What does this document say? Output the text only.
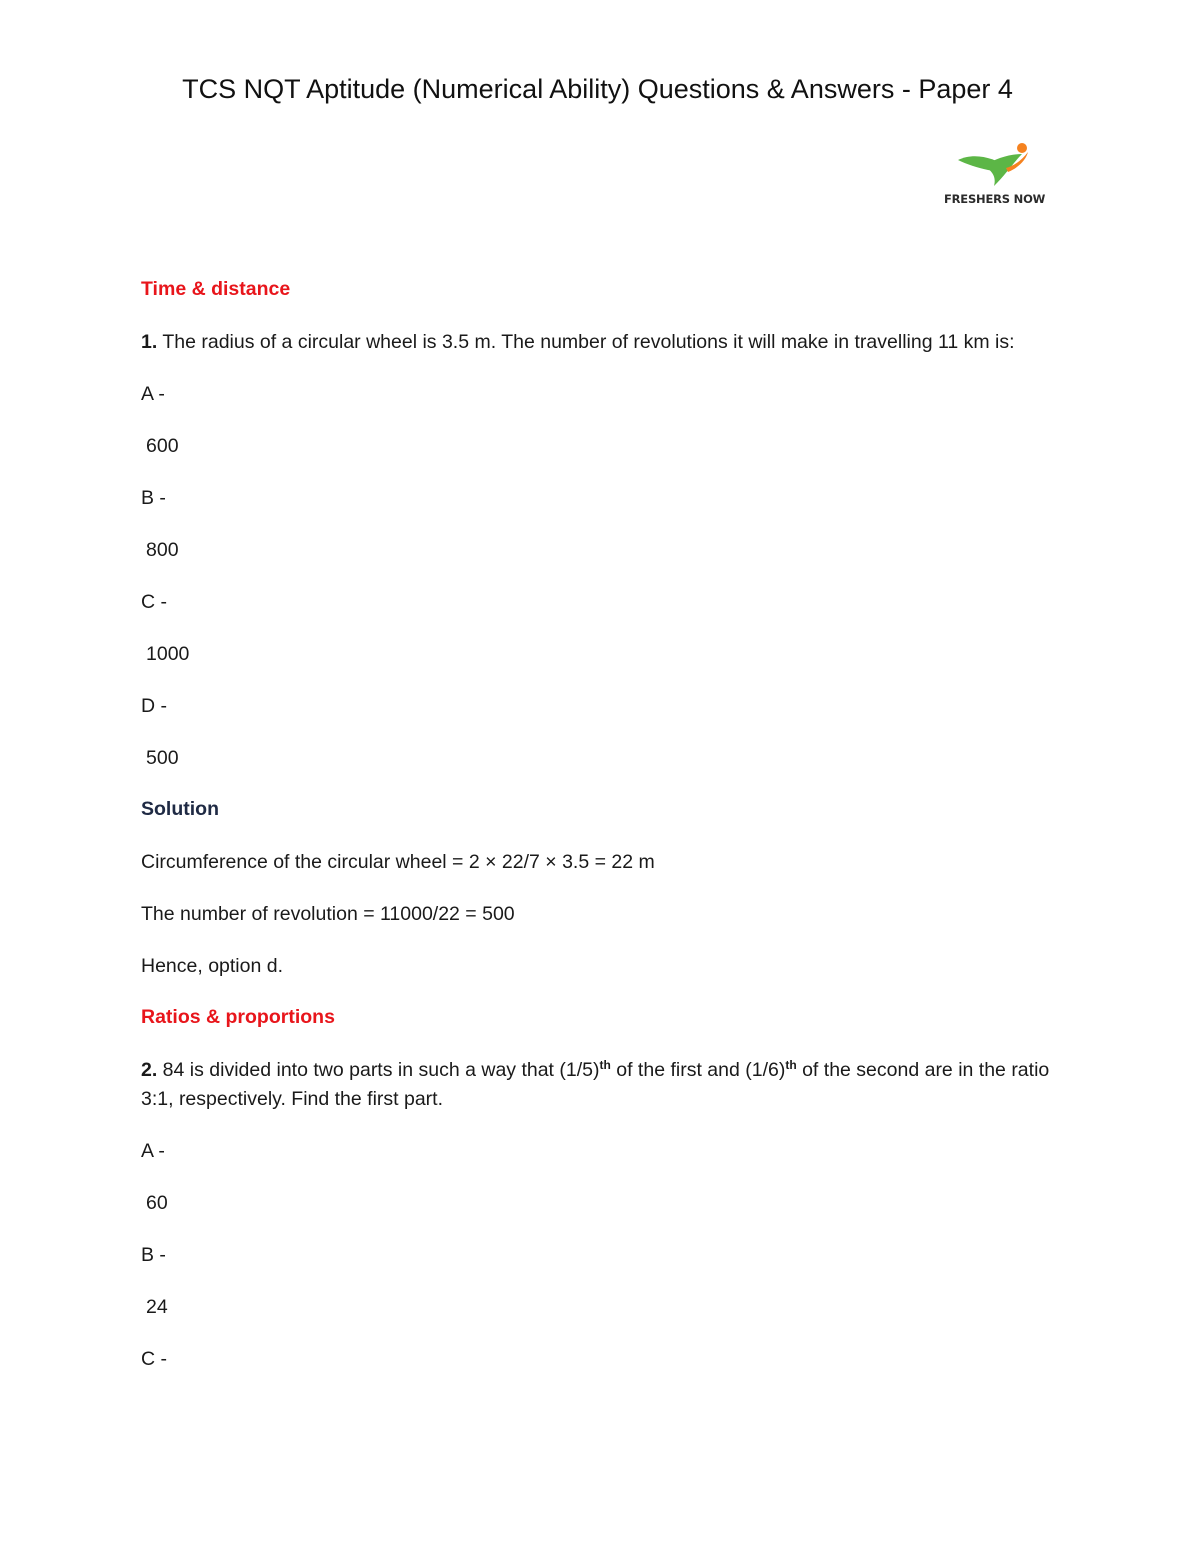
TCS NQT Aptitude (Numerical Ability) Questions & Answers - Paper 4
FRESHERS NOW
Time & distance
1. The radius of a circular wheel is 3.5 m. The number of revolutions it will make in travelling 11 km is:
A -
600
B -
800
C -
1000
D -
500
Solution
Circumference of the circular wheel = 2 × 22/7 × 3.5 = 22 m
The number of revolution = 11000/22 = 500
Hence, option d.
Ratios & proportions
2. 84 is divided into two parts in such a way that $(1/5)^{th}$ of the first and $(1/6)^{th}$ of the second are in the ratio 3:1, respectively. Find the first part.
A -
60
B -
24
C -
